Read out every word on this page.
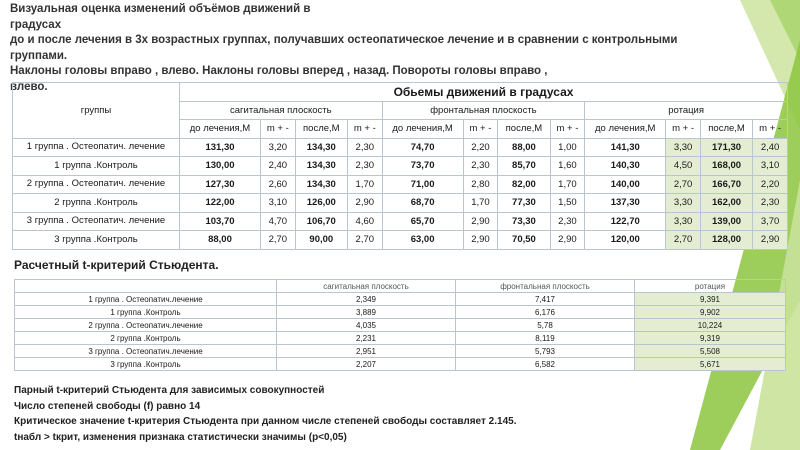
Визуальная оценка изменений объёмов движений в
градусах
до и после лечения в 3х возрастных группах, получавших остеопатическое лечение и в сравнении с контрольными
группами.
Наклоны головы вправо , влево. Наклоны головы вперед , назад. Повороты головы вправо ,
влево.
группы	Обьемы движений в градусах											
	сагитальная плоскость				фронтальная плоскость				ротация			
	до лечения,М	m + -	после,М	m + -	до лечения,М	m + -	после,М	m + -	до лечения,М	m + -	после,М	m + -
1 группа . Остеопатич. лечение	131,30	3,20	134,30	2,30	74,70	2,20	88,00	1,00	141,30	3,30	171,30	2,40
1 группа .Контроль	130,00	2,40	134,30	2,30	73,70	2,30	85,70	1,60	140,30	4,50	168,00	3,10
2 группа . Остеопатич. лечение	127,30	2,60	134,30	1,70	71,00	2,80	82,00	1,70	140,00	2,70	166,70	2,20
2 группа .Контроль	122,00	3,10	126,00	2,90	68,70	1,70	77,30	1,50	137,30	3,30	162,00	2,30
3 группа . Остеопатич. лечение	103,70	4,70	106,70	4,60	65,70	2,90	73,30	2,30	122,70	3,30	139,00	3,70
3 группа .Контроль	88,00	2,70	90,00	2,70	63,00	2,90	70,50	2,90	120,00	2,70	128,00	2,90
Расчетный t-критерий Стьюдента.
	сагитальная плоскость	фронтальная плоскость	ротация
1 группа . Остеопатич.лечение	2,349	7,417	9,391
1 группа .Контроль	3,889	6,176	9,902
2 группа . Остеопатич.лечение	4,035	5,78	10,224
2 группа .Контроль	2,231	8,119	9,319
3 группа . Остеопатич.лечение	2,951	5,793	5,508
3 группа .Контроль	2,207	6,582	5,671
Парный t-критерий Стьюдента для зависимых совокупностей
Число степеней свободы (f) равно 14
Критическое значение t-критерия Стьюдента при данном числе степеней свободы составляет 2.145.
tнабл > tкрит, изменения признака статистически значимы (p<0,05)
